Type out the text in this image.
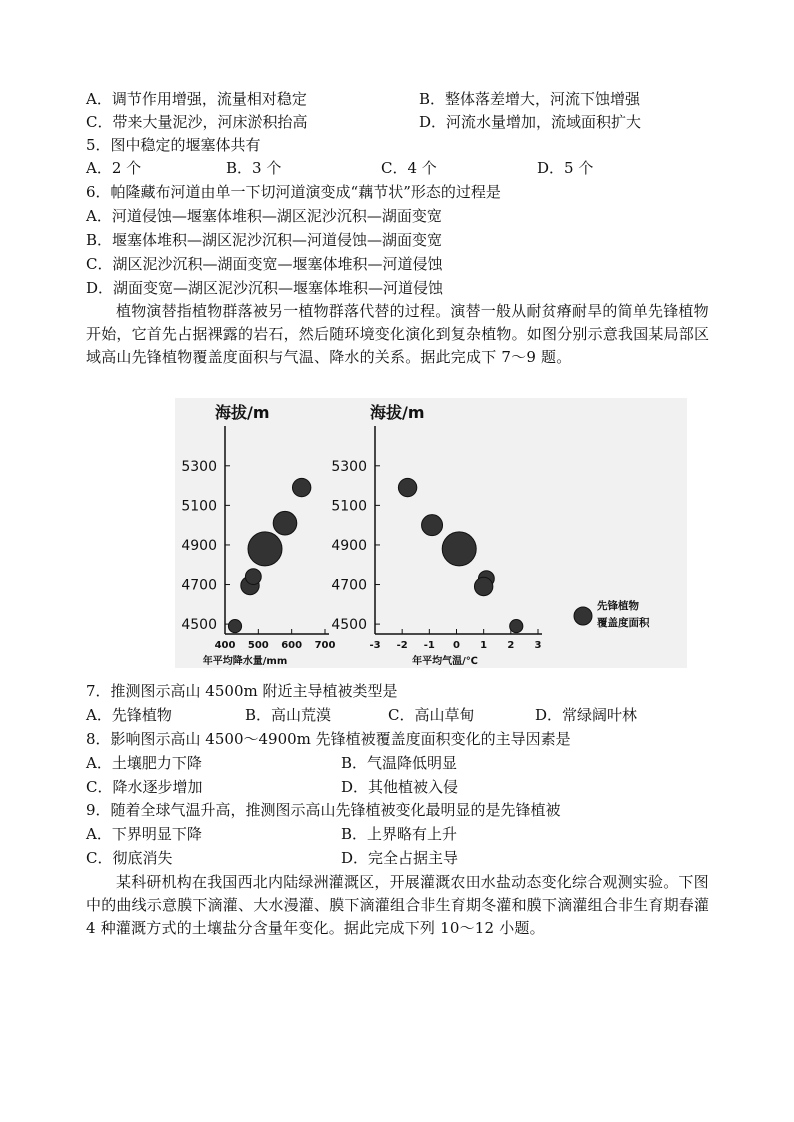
A．调节作用增强，流量相对稳定	B．整体落差增大，河流下蚀增强
C．带来大量泥沙，河床淤积抬高	D．河流水量增加，流域面积扩大
5．图中稳定的堰塞体共有
A．2 个	B．3 个	C．4 个	D．5 个
6．帕隆藏布河道由单一下切河道演变成“藕节状”形态的过程是
A．河道侵蚀—堰塞体堆积—湖区泥沙沉积—湖面变宽
B．堰塞体堆积—湖区泥沙沉积—河道侵蚀—湖面变宽
C．湖区泥沙沉积—湖面变宽—堰塞体堆积—河道侵蚀
D．湖面变宽—湖区泥沙沉积—堰塞体堆积—河道侵蚀
植物演替指植物群落被另一植物群落代替的过程。演替一般从耐贫瘠耐旱的简单先锋植物开始，它首先占据裸露的岩石，然后随环境变化演化到复杂植物。如图分别示意我国某局部区域高山先锋植物覆盖度面积与气温、降水的关系。据此完成下 7～9 题。
海拔/m
4500
4700
4900
5100
5300
400 500 600 700
年平均降水量/mm
海拔/m
4500
4700
4900
5100
5300
-3 -2 -1 0 1 2 3
年平均气温/℃
先锋植物
覆盖度面积
7．推测图示高山 4500m 附近主导植被类型是
A．先锋植物	B．高山荒漠	C．高山草甸	D．常绿阔叶林
8．影响图示高山 4500～4900m 先锋植被覆盖度面积变化的主导因素是
A．土壤肥力下降	B．气温降低明显
C．降水逐步增加	D．其他植被入侵
9．随着全球气温升高，推测图示高山先锋植被变化最明显的是先锋植被
A．下界明显下降	B．上界略有上升
C．彻底消失	D．完全占据主导
某科研机构在我国西北内陆绿洲灌溉区，开展灌溉农田水盐动态变化综合观测实验。下图中的曲线示意膜下滴灌、大水漫灌、膜下滴灌组合非生育期冬灌和膜下滴灌组合非生育期春灌 4 种灌溉方式的土壤盐分含量年变化。据此完成下列 10～12 小题。
